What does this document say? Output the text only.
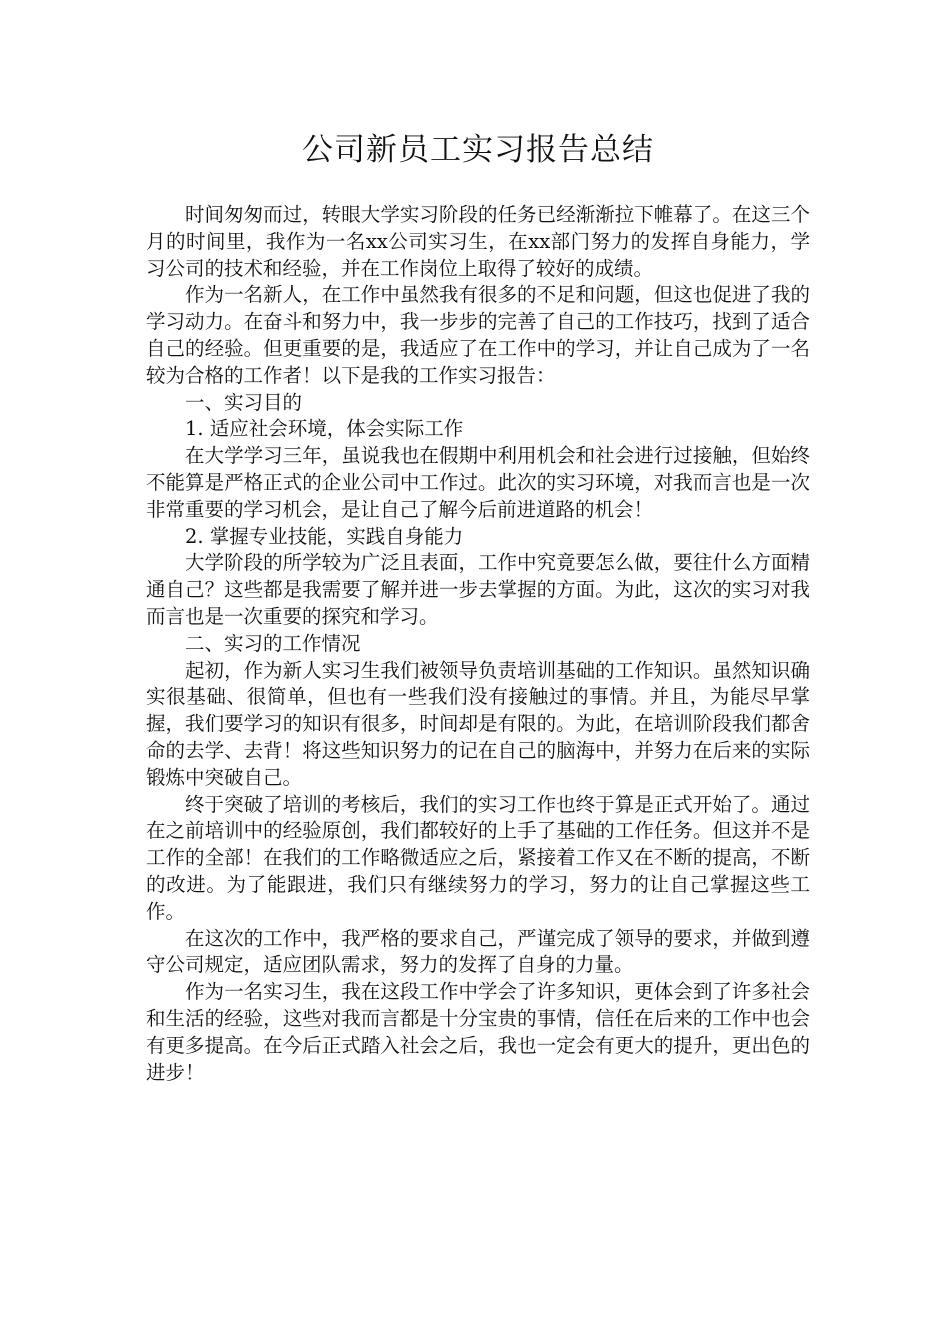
公司新员工实习报告总结

时间匆匆而过，转眼大学实习阶段的任务已经渐渐拉下帷幕了。在这三个月的时间里，我作为一名xx公司实习生，在xx部门努力的发挥自身能力，学习公司的技术和经验，并在工作岗位上取得了较好的成绩。

作为一名新人，在工作中虽然我有很多的不足和问题，但这也促进了我的学习动力。在奋斗和努力中，我一步步的完善了自己的工作技巧，找到了适合自己的经验。但更重要的是，我适应了在工作中的学习，并让自己成为了一名较为合格的工作者！以下是我的工作实习报告：

一、实习目的

1. 适应社会环境，体会实际工作

在大学学习三年，虽说我也在假期中利用机会和社会进行过接触，但始终不能算是严格正式的企业公司中工作过。此次的实习环境，对我而言也是一次非常重要的学习机会，是让自己了解今后前进道路的机会！

2. 掌握专业技能，实践自身能力

大学阶段的所学较为广泛且表面，工作中究竟要怎么做，要往什么方面精通自己？这些都是我需要了解并进一步去掌握的方面。为此，这次的实习对我而言也是一次重要的探究和学习。

二、实习的工作情况

起初，作为新人实习生我们被领导负责培训基础的工作知识。虽然知识确实很基础、很简单，但也有一些我们没有接触过的事情。并且，为能尽早掌握，我们要学习的知识有很多，时间却是有限的。为此，在培训阶段我们都舍命的去学、去背！将这些知识努力的记在自己的脑海中，并努力在后来的实际锻炼中突破自己。

终于突破了培训的考核后，我们的实习工作也终于算是正式开始了。通过在之前培训中的经验原创，我们都较好的上手了基础的工作任务。但这并不是工作的全部！在我们的工作略微适应之后，紧接着工作又在不断的提高，不断的改进。为了能跟进，我们只有继续努力的学习，努力的让自己掌握这些工作。

在这次的工作中，我严格的要求自己，严谨完成了领导的要求，并做到遵守公司规定，适应团队需求，努力的发挥了自身的力量。

作为一名实习生，我在这段工作中学会了许多知识，更体会到了许多社会和生活的经验，这些对我而言都是十分宝贵的事情，信任在后来的工作中也会有更多提高。在今后正式踏入社会之后，我也一定会有更大的提升，更出色的进步！
